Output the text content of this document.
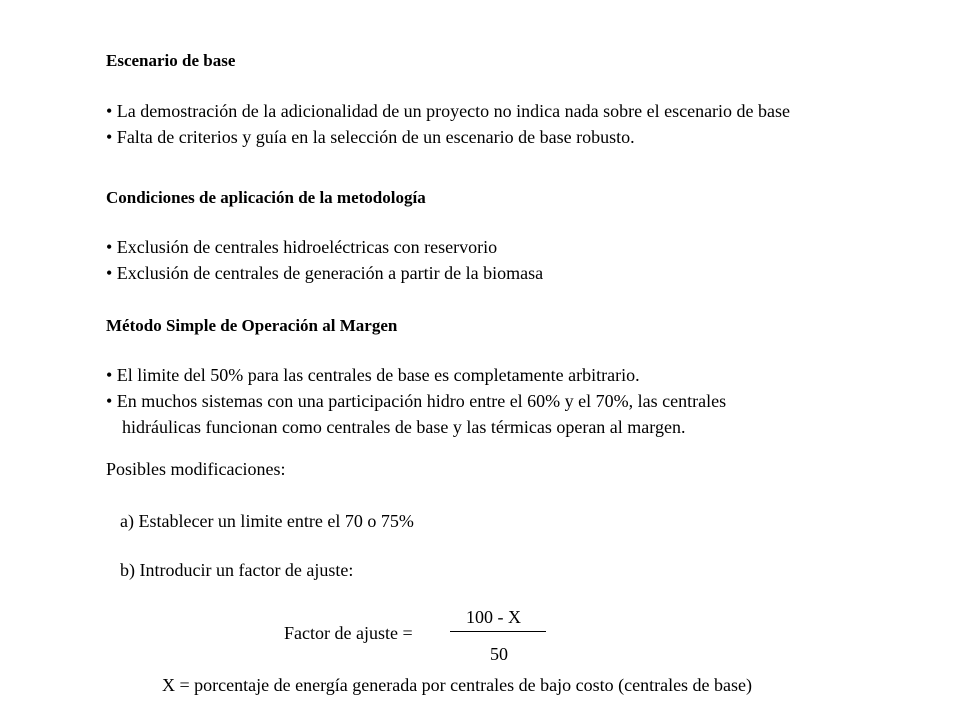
Escenario de base
• La demostración de la adicionalidad de un proyecto no indica nada sobre el escenario de base
• Falta de criterios y guía en la selección de un escenario de base robusto.
Condiciones de aplicación de la metodología
• Exclusión de centrales hidroeléctricas con reservorio
• Exclusión de centrales de generación a partir de la biomasa
Método Simple de Operación al Margen
• El limite del 50% para las centrales de base es completamente arbitrario.
• En muchos sistemas con una participación hidro entre el 60% y el 70%, las centrales
hidráulicas funcionan como centrales de base y las térmicas operan al margen.
Posibles modificaciones:
a) Establecer un limite entre el 70 o 75%
b) Introducir un factor de ajuste:
Factor de ajuste =
100 - X
50
X = porcentaje de energía generada por centrales de bajo costo (centrales de base)
